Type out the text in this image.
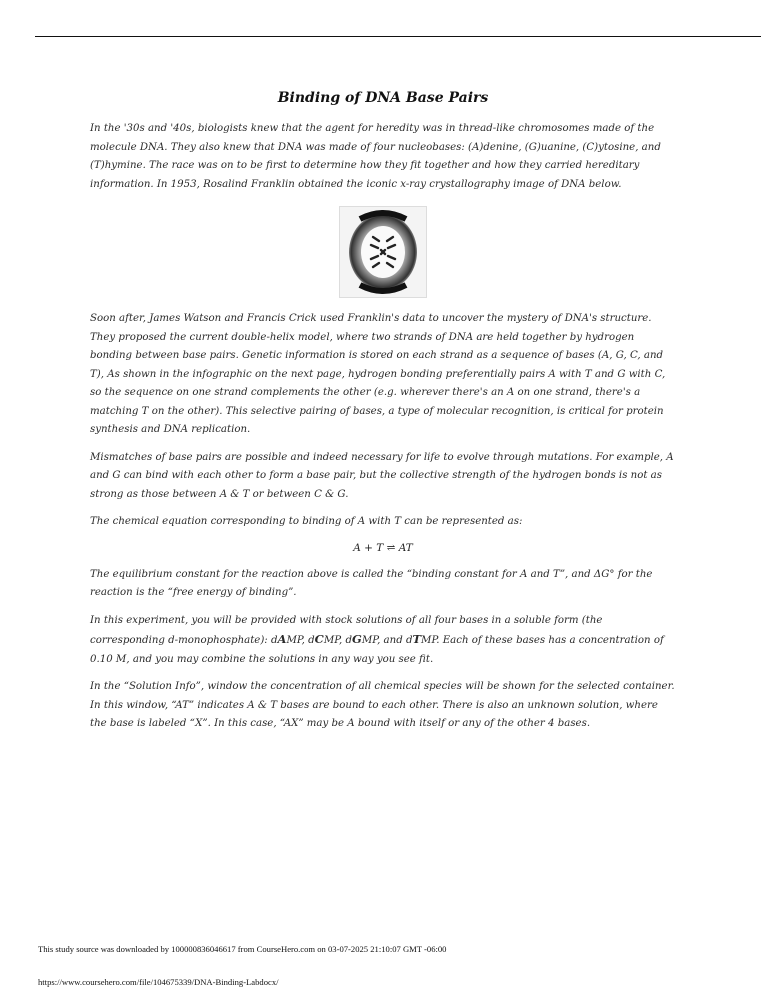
Binding of DNA Base Pairs

In the '30s and '40s, biologists knew that the agent for heredity was in thread-like chromosomes made of the molecule DNA. They also knew that DNA was made of four nucleobases: (A)denine, (G)uanine, (C)ytosine, and (T)hymine. The race was on to be first to determine how they fit together and how they carried hereditary information. In 1953, Rosalind Franklin obtained the iconic x-ray crystallography image of DNA below.

Soon after, James Watson and Francis Crick used Franklin's data to uncover the mystery of DNA's structure. They proposed the current double-helix model, where two strands of DNA are held together by hydrogen bonding between base pairs. Genetic information is stored on each strand as a sequence of bases (A, G, C, and T), As shown in the infographic on the next page, hydrogen bonding preferentially pairs A with T and G with C, so the sequence on one strand complements the other (e.g. wherever there's an A on one strand, there's a matching T on the other). This selective pairing of bases, a type of molecular recognition, is critical for protein synthesis and DNA replication.

Mismatches of base pairs are possible and indeed necessary for life to evolve through mutations. For example, A and G can bind with each other to form a base pair, but the collective strength of the hydrogen bonds is not as strong as those between A & T or between C & G.

The chemical equation corresponding to binding of A with T can be represented as:

A + T ⇌ AT

The equilibrium constant for the reaction above is called the “binding constant for A and T”, and ΔG° for the reaction is the “free energy of binding”.

In this experiment, you will be provided with stock solutions of all four bases in a soluble form (the corresponding d-monophosphate): dAMP, dCMP, dGMP, and dTMP. Each of these bases has a concentration of 0.10 M, and you may combine the solutions in any way you see fit.

In the “Solution Info”, window the concentration of all chemical species will be shown for the selected container. In this window, “AT” indicates A & T bases are bound to each other. There is also an unknown solution, where the base is labeled “X”. In this case, “AX” may be A bound with itself or any of the other 4 bases.

This study source was downloaded by 100000836046617 from CourseHero.com on 03-07-2025 21:10:07 GMT -06:00
https://www.coursehero.com/file/104675339/DNA-Binding-Labdocx/
